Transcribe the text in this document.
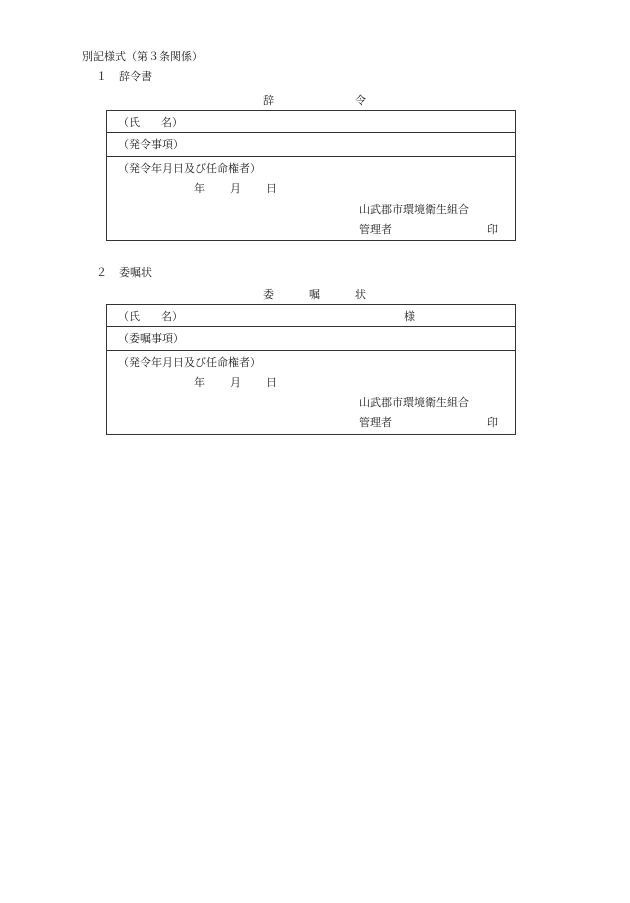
別記様式（第３条関係）
１ 辞令書
辞	令
（氏 名）
（発令事項）
（発令年月日及び任命権者）
年 月 日
山武郡市環境衛生組合
管理者	印
２ 委嘱状
委	嘱	状
（氏 名）	様
（委嘱事項）
（発令年月日及び任命権者）
年 月 日
山武郡市環境衛生組合
管理者	印
